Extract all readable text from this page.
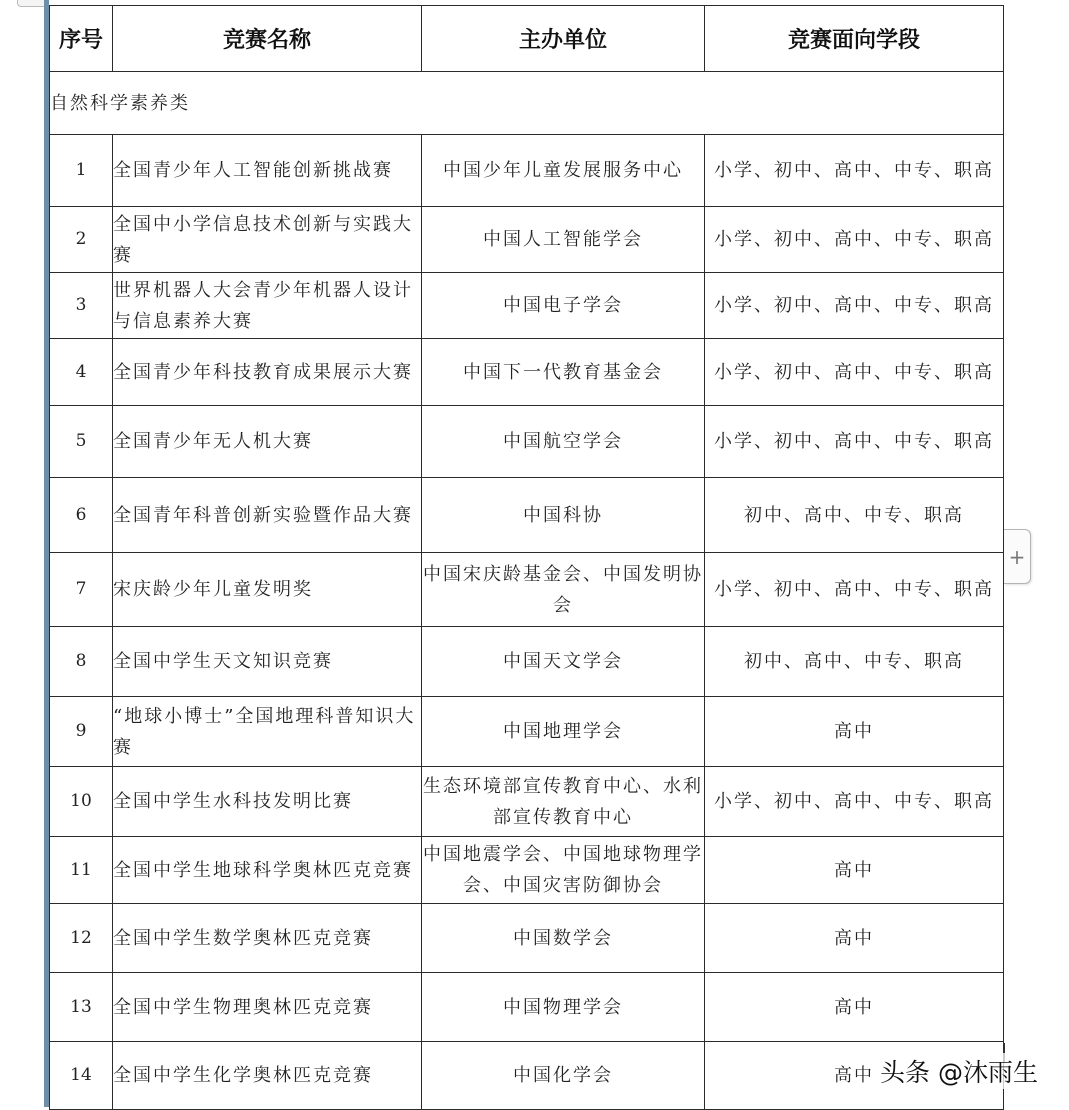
序号	竞赛名称	主办单位	竞赛面向学段
自然科学素养类			
1	全国青少年人工智能创新挑战赛	中国少年儿童发展服务中心	小学、初中、高中、中专、职高
2	全国中小学信息技术创新与实践大赛	中国人工智能学会	小学、初中、高中、中专、职高
3	世界机器人大会青少年机器人设计与信息素养大赛	中国电子学会	小学、初中、高中、中专、职高
4	全国青少年科技教育成果展示大赛	中国下一代教育基金会	小学、初中、高中、中专、职高
5	全国青少年无人机大赛	中国航空学会	小学、初中、高中、中专、职高
6	全国青年科普创新实验暨作品大赛	中国科协	初中、高中、中专、职高
7	宋庆龄少年儿童发明奖	中国宋庆龄基金会、中国发明协会	小学、初中、高中、中专、职高
8	全国中学生天文知识竞赛	中国天文学会	初中、高中、中专、职高
9	“地球小博士”全国地理科普知识大赛	中国地理学会	高中
10	全国中学生水科技发明比赛	生态环境部宣传教育中心、水利部宣传教育中心	小学、初中、高中、中专、职高
11	全国中学生地球科学奥林匹克竞赛	中国地震学会、中国地球物理学会、中国灾害防御协会	高中
12	全国中学生数学奥林匹克竞赛	中国数学会	高中
13	全国中学生物理奥林匹克竞赛	中国物理学会	高中
14	全国中学生化学奥林匹克竞赛	中国化学会	高中
+
头条 @沐雨生
